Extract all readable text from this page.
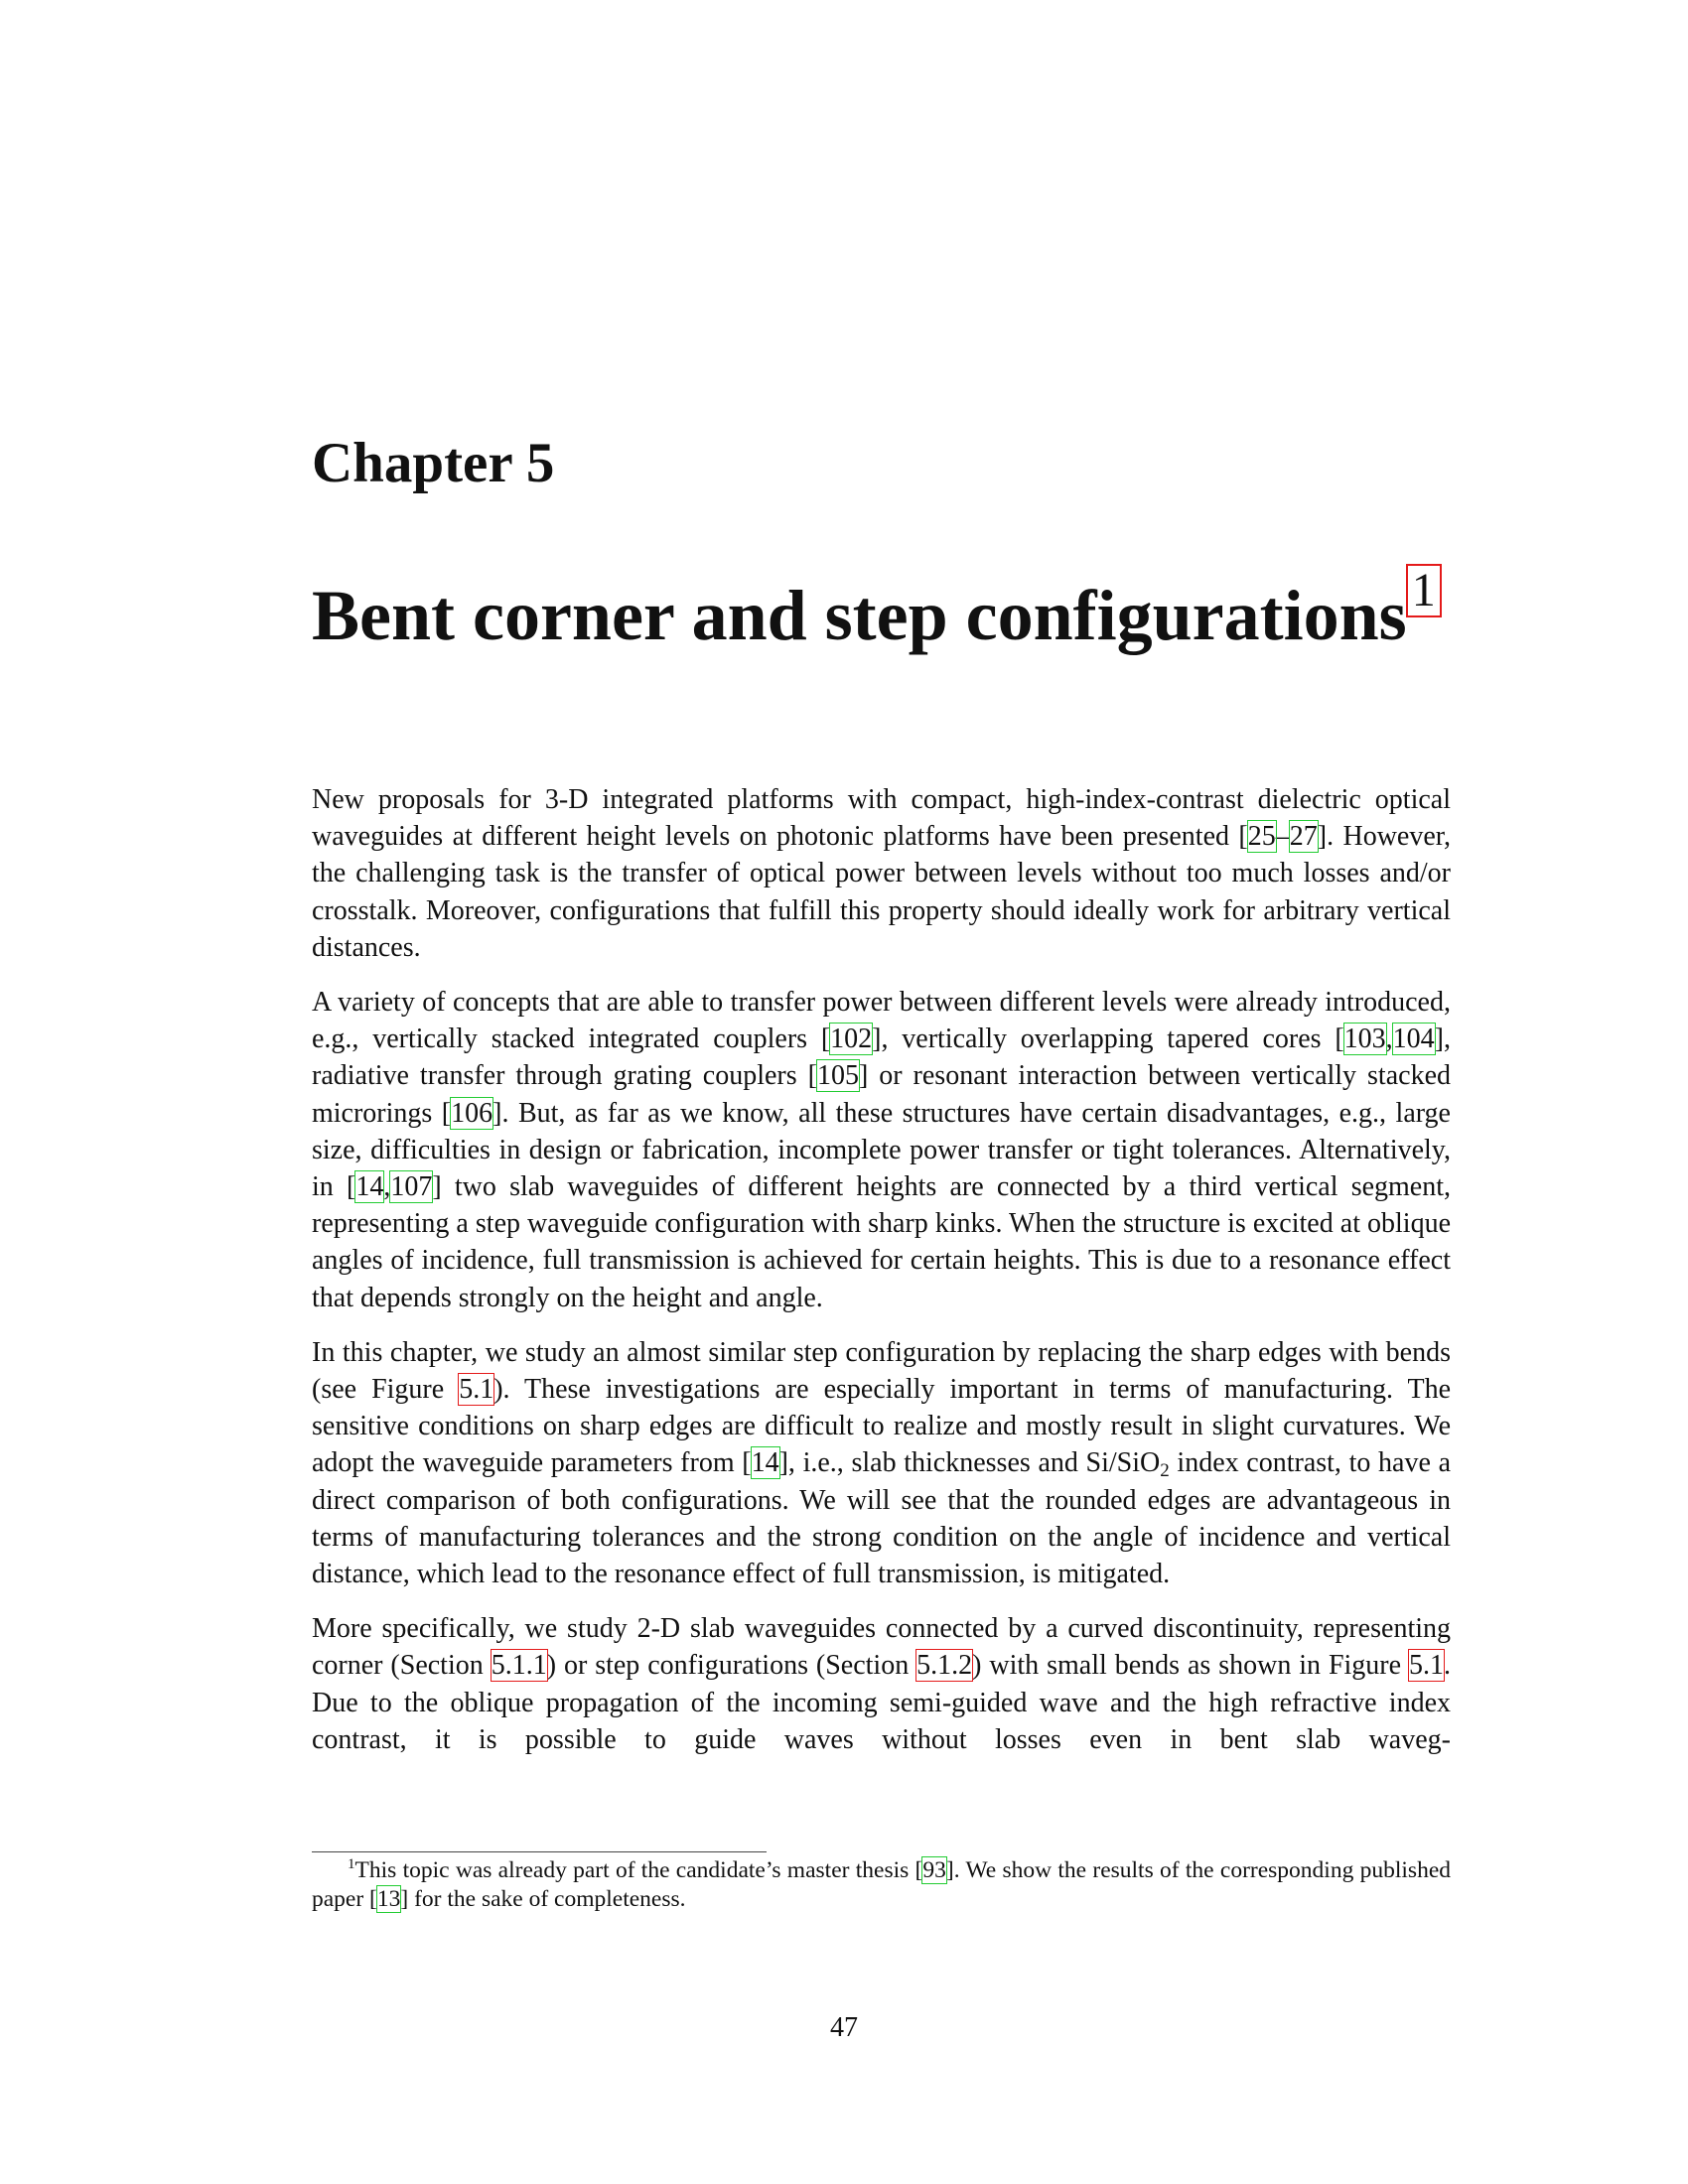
Chapter 5
Bent corner and step configurations 1

New proposals for 3-D integrated platforms with compact, high-index-contrast dielectric optical waveguides at different height levels on photonic platforms have been presented [25–27]. However, the challenging task is the transfer of optical power between levels without too much losses and/or crosstalk. Moreover, configurations that fulfill this property should ideally work for arbitrary vertical distances.

A variety of concepts that are able to transfer power between different levels were already introduced, e.g., vertically stacked integrated couplers [102], vertically overlapping tapered cores [103,104], radiative transfer through grating couplers [105] or resonant interaction between vertically stacked microrings [106]. But, as far as we know, all these structures have certain disadvantages, e.g., large size, difficulties in design or fabrication, incomplete power transfer or tight tolerances. Alternatively, in [14,107] two slab waveguides of different heights are connected by a third vertical segment, representing a step waveguide configuration with sharp kinks. When the structure is excited at oblique angles of incidence, full transmission is achieved for certain heights. This is due to a resonance effect that depends strongly on the height and angle.

In this chapter, we study an almost similar step configuration by replacing the sharp edges with bends (see Figure 5.1). These investigations are especially important in terms of manufacturing. The sensitive conditions on sharp edges are difficult to realize and mostly result in slight curvatures. We adopt the waveguide parameters from [14], i.e., slab thicknesses and Si/SiO$_2$ index contrast, to have a direct comparison of both configurations. We will see that the rounded edges are advantageous in terms of manufacturing tolerances and the strong condition on the angle of incidence and vertical distance, which lead to the resonance effect of full transmission, is mitigated.

More specifically, we study 2-D slab waveguides connected by a curved discontinuity, representing corner (Section 5.1.1) or step configurations (Section 5.1.2) with small bends as shown in Figure 5.1. Due to the oblique propagation of the incoming semi-guided wave and the high refractive index contrast, it is possible to guide waves without losses even in bent slab waveg-

$^1$This topic was already part of the candidate’s master thesis [93]. We show the results of the corresponding published paper [13] for the sake of completeness.

47
